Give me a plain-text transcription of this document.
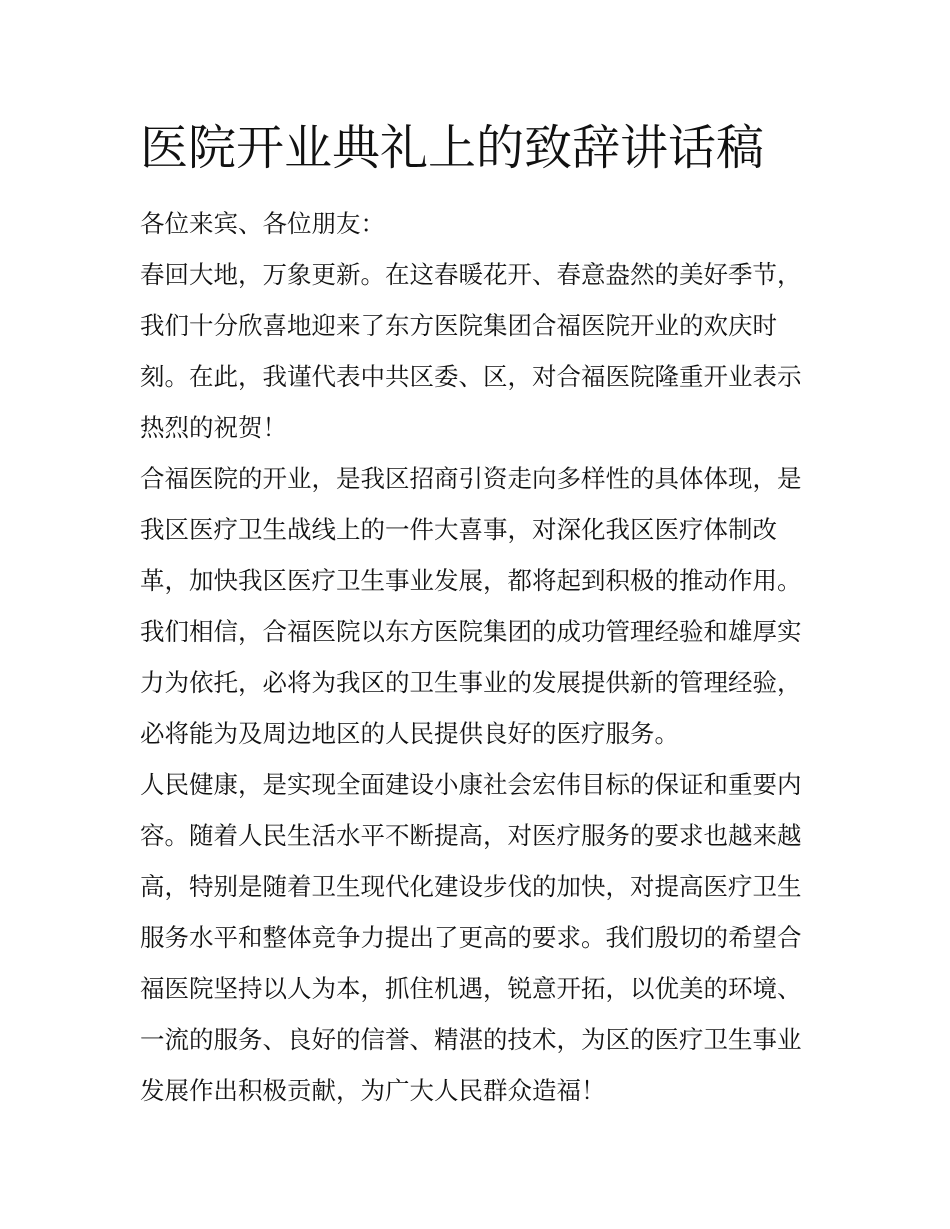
医院开业典礼上的致辞讲话稿

各位来宾、各位朋友：

春回大地，万象更新。在这春暖花开、春意盎然的美好季节，
我们十分欣喜地迎来了东方医院集团合福医院开业的欢庆时
刻。在此，我谨代表中共区委、区，对合福医院隆重开业表示
热烈的祝贺！
合福医院的开业，是我区招商引资走向多样性的具体体现，是
我区医疗卫生战线上的一件大喜事，对深化我区医疗体制改
革，加快我区医疗卫生事业发展，都将起到积极的推动作用。
我们相信，合福医院以东方医院集团的成功管理经验和雄厚实
力为依托，必将为我区的卫生事业的发展提供新的管理经验，
必将能为及周边地区的人民提供良好的医疗服务。
人民健康，是实现全面建设小康社会宏伟目标的保证和重要内
容。随着人民生活水平不断提高，对医疗服务的要求也越来越
高，特别是随着卫生现代化建设步伐的加快，对提高医疗卫生
服务水平和整体竞争力提出了更高的要求。我们殷切的希望合
福医院坚持以人为本，抓住机遇，锐意开拓，以优美的环境、
一流的服务、良好的信誉、精湛的技术，为区的医疗卫生事业
发展作出积极贡献，为广大人民群众造福！
